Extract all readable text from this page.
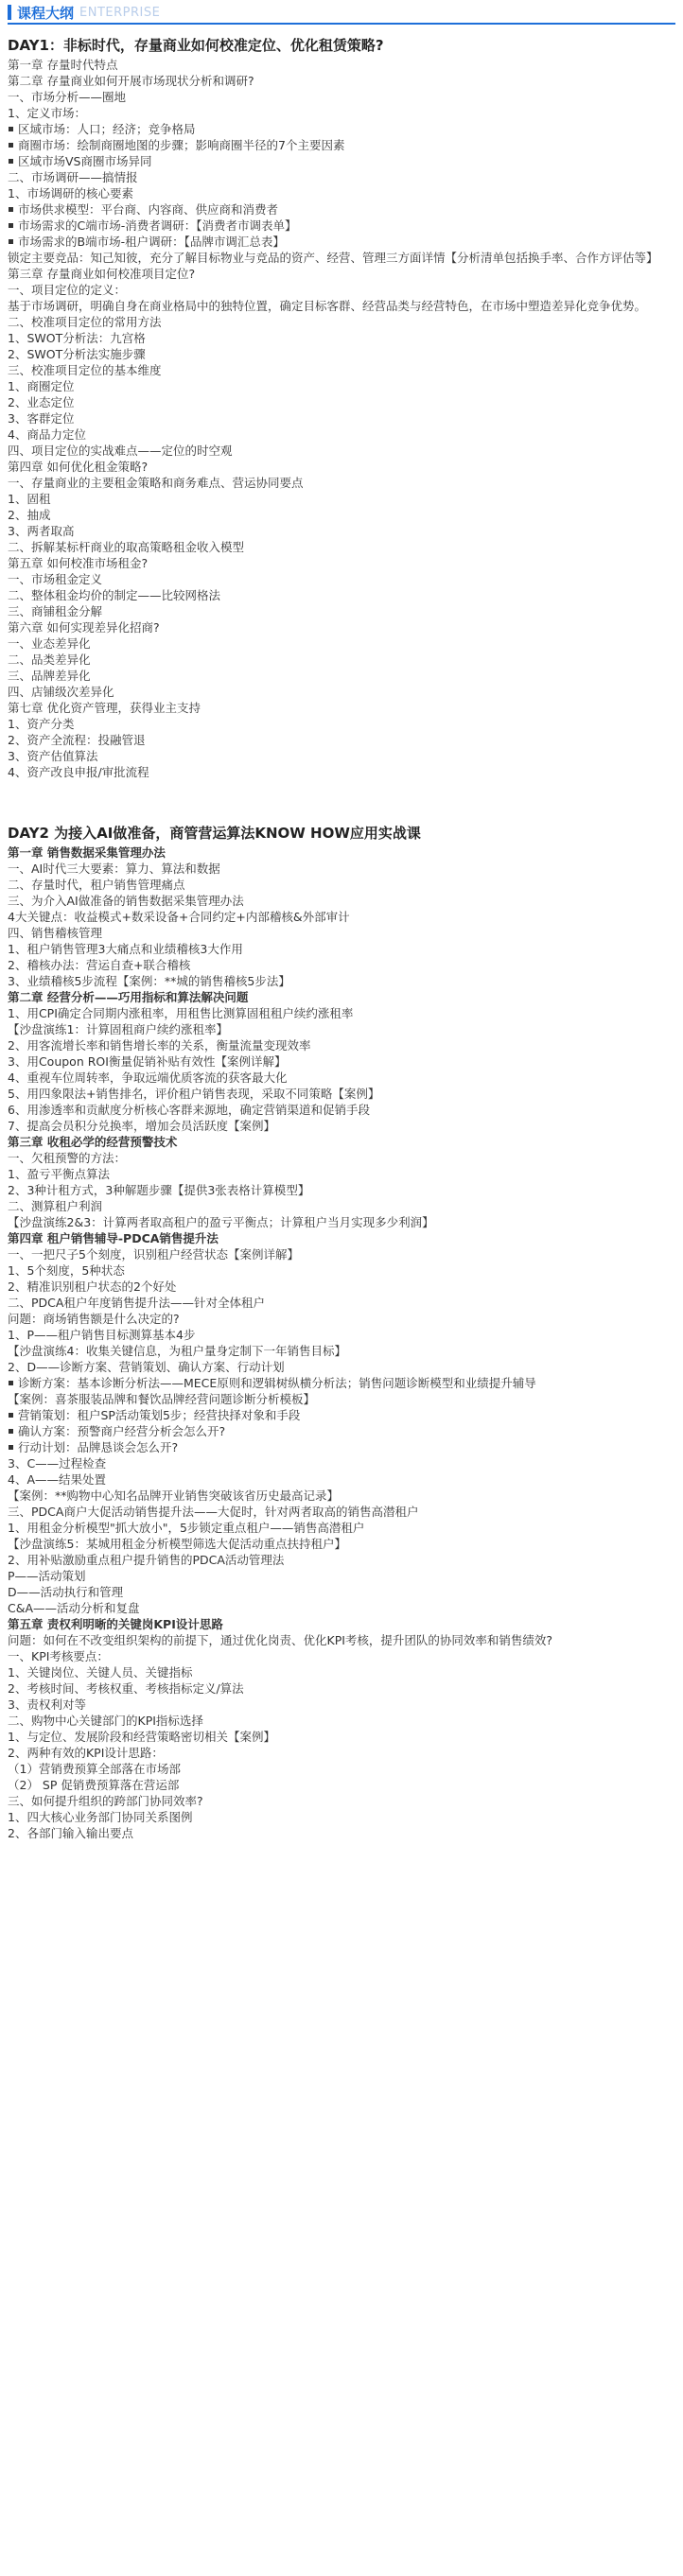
课程大纲 ENTERPRISE
DAY1：非标时代，存量商业如何校准定位、优化租赁策略?
第一章 存量时代特点
第二章 存量商业如何开展市场现状分析和调研?
一、市场分析——圈地
1、定义市场：
区域市场：人口；经济；竞争格局
商圈市场：绘制商圈地图的步骤；影响商圈半径的7个主要因素
区域市场VS商圈市场异同
二、市场调研——搞情报
1、市场调研的核心要素
市场供求模型：平台商、内容商、供应商和消费者
市场需求的C端市场-消费者调研：【消费者市调表单】
市场需求的B端市场-租户调研：【品牌市调汇总表】
锁定主要竞品：知己知彼，充分了解目标物业与竞品的资产、经营、管理三方面详情【分析清单包括换手率、合作方评估等】
第三章 存量商业如何校准项目定位?
一、项目定位的定义：
基于市场调研，明确自身在商业格局中的独特位置，确定目标客群、经营品类与经营特色，在市场中塑造差异化竞争优势。
二、校准项目定位的常用方法
1、SWOT分析法：九宫格
2、SWOT分析法实施步骤
三、校准项目定位的基本维度
1、商圈定位
2、业态定位
3、客群定位
4、商品力定位
四、项目定位的实战难点——定位的时空观
第四章 如何优化租金策略?
一、存量商业的主要租金策略和商务难点、营运协同要点
1、固租
2、抽成
3、两者取高
二、拆解某标杆商业的取高策略租金收入模型
第五章 如何校准市场租金?
一、市场租金定义
二、整体租金均价的制定——比较网格法
三、商铺租金分解
第六章 如何实现差异化招商?
一、业态差异化
二、品类差异化
三、品牌差异化
四、店铺级次差异化
第七章 优化资产管理，获得业主支持
1、资产分类
2、资产全流程：投融管退
3、资产估值算法
4、资产改良申报/审批流程
DAY2 为接入AI做准备，商管营运算法KNOW HOW应用实战课
第一章 销售数据采集管理办法
一、AI时代三大要素：算力、算法和数据
二、存量时代，租户销售管理痛点
三、为介入AI做准备的销售数据采集管理办法
4大关键点：收益模式+数采设备+合同约定+内部稽核&外部审计
四、销售稽核管理
1、租户销售管理3大痛点和业绩稽核3大作用
2、稽核办法：营运自查+联合稽核
3、业绩稽核5步流程【案例：**城的销售稽核5步法】
第二章 经营分析——巧用指标和算法解决问题
1、用CPI确定合同期内涨租率，用租售比测算固租租户续约涨租率
【沙盘演练1：计算固租商户续约涨租率】
2、用客流增长率和销售增长率的关系，衡量流量变现效率
3、用Coupon ROI衡量促销补贴有效性【案例详解】
4、重视车位周转率，争取远端优质客流的获客最大化
5、用四象限法+销售排名，评价租户销售表现，采取不同策略【案例】
6、用渗透率和贡献度分析核心客群来源地，确定营销渠道和促销手段
7、提高会员积分兑换率，增加会员活跃度【案例】
第三章 收租必学的经营预警技术
一、欠租预警的方法：
1、盈亏平衡点算法
2、3种计租方式，3种解题步骤【提供3张表格计算模型】
二、测算租户利润
【沙盘演练2&3：计算两者取高租户的盈亏平衡点；计算租户当月实现多少利润】
第四章 租户销售辅导-PDCA销售提升法
一、一把尺子5个刻度，识别租户经营状态【案例详解】
1、5个刻度，5种状态
2、精准识别租户状态的2个好处
二、PDCA租户年度销售提升法——针对全体租户
问题：商场销售额是什么决定的?
1、P——租户销售目标测算基本4步
【沙盘演练4：收集关键信息，为租户量身定制下一年销售目标】
2、D——诊断方案、营销策划、确认方案、行动计划
诊断方案：基本诊断分析法——MECE原则和逻辑树纵横分析法；销售问题诊断模型和业绩提升辅导
【案例：喜茶服装品牌和餐饮品牌经营问题诊断分析模板】
营销策划：租户SP活动策划5步；经营抉择对象和手段
确认方案：预警商户经营分析会怎么开?
行动计划：品牌恳谈会怎么开?
3、C——过程检查
4、A——结果处置
【案例：**购物中心知名品牌开业销售突破该省历史最高记录】
三、PDCA商户大促活动销售提升法——大促时，针对两者取高的销售高潜租户
1、用租金分析模型"抓大放小"，5步锁定重点租户——销售高潜租户
【沙盘演练5：某城用租金分析模型筛选大促活动重点扶持租户】
2、用补贴激励重点租户提升销售的PDCA活动管理法
P——活动策划
D——活动执行和管理
C&A——活动分析和复盘
第五章 责权利明晰的关键岗KPI设计思路
问题：如何在不改变组织架构的前提下，通过优化岗责、优化KPI考核，提升团队的协同效率和销售绩效?
一、KPI考核要点：
1、关键岗位、关键人员、关键指标
2、考核时间、考核权重、考核指标定义/算法
3、责权利对等
二、购物中心关键部门的KPI指标选择
1、与定位、发展阶段和经营策略密切相关【案例】
2、两种有效的KPI设计思路：
（1）营销费预算全部落在市场部
（2） SP 促销费预算落在营运部
三、如何提升组织的跨部门协同效率?
1、四大核心业务部门协同关系图例
2、各部门输入输出要点
